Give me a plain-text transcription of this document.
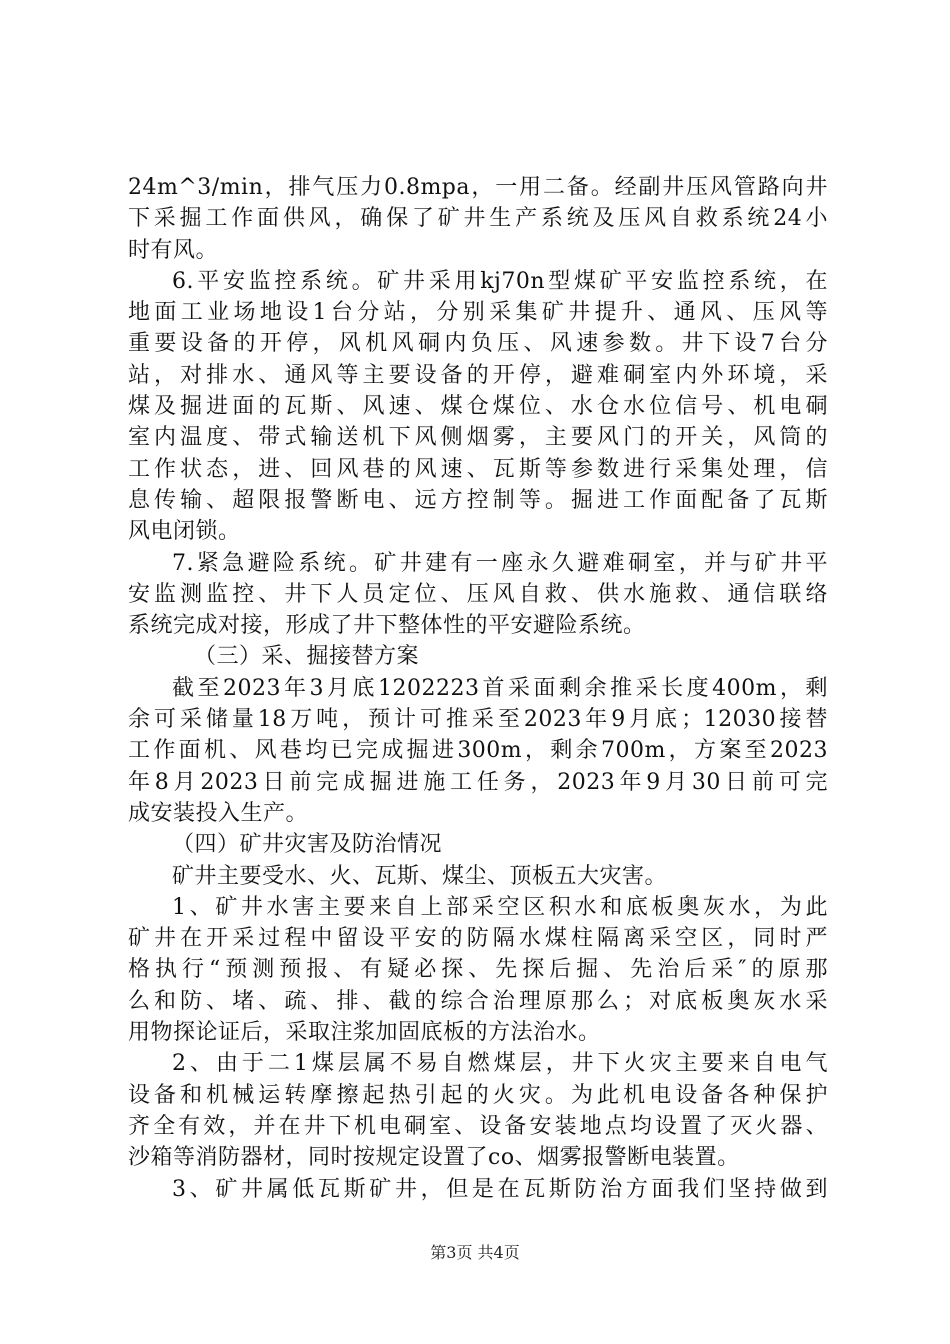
24m^3/min，排气压力0.8mpa，一用二备。经副井压风管路向井
下采掘工作面供风，确保了矿井生产系统及压风自救系统24小
时有风。
6.平安监控系统。矿井采用kj70n型煤矿平安监控系统，在
地面工业场地设1台分站，分别采集矿井提升、通风、压风等
重要设备的开停，风机风硐内负压、风速参数。井下设7台分
站，对排水、通风等主要设备的开停，避难硐室内外环境，采
煤及掘进面的瓦斯、风速、煤仓煤位、水仓水位信号、机电硐
室内温度、带式输送机下风侧烟雾，主要风门的开关，风筒的
工作状态，进、回风巷的风速、瓦斯等参数进行采集处理，信
息传输、超限报警断电、远方控制等。掘进工作面配备了瓦斯
风电闭锁。
7.紧急避险系统。矿井建有一座永久避难硐室，并与矿井平
安监测监控、井下人员定位、压风自救、供水施救、通信联络
系统完成对接，形成了井下整体性的平安避险系统。
（三）采、掘接替方案
截至2023年3月底1202223首采面剩余推采长度400m，剩
余可采储量18万吨，预计可推采至2023年9月底；12030接替
工作面机、风巷均已完成掘进300m，剩余700m，方案至2023
年8月2023日前完成掘进施工任务，2023年9月30日前可完
成安装投入生产。
（四）矿井灾害及防治情况
矿井主要受水、火、瓦斯、煤尘、顶板五大灾害。
1、矿井水害主要来自上部采空区积水和底板奥灰水，为此
矿井在开采过程中留设平安的防隔水煤柱隔离采空区，同时严
格执行“预测预报、有疑必探、先探后掘、先治后采″的原那
么和防、堵、疏、排、截的综合治理原那么；对底板奥灰水采
用物探论证后，采取注浆加固底板的方法治水。
2、由于二1煤层属不易自燃煤层，井下火灾主要来自电气
设备和机械运转摩擦起热引起的火灾。为此机电设备各种保护
齐全有效，并在井下机电硐室、设备安装地点均设置了灭火器、
沙箱等消防器材，同时按规定设置了co、烟雾报警断电装置。
3、矿井属低瓦斯矿井，但是在瓦斯防治方面我们坚持做到
第3页 共4页
